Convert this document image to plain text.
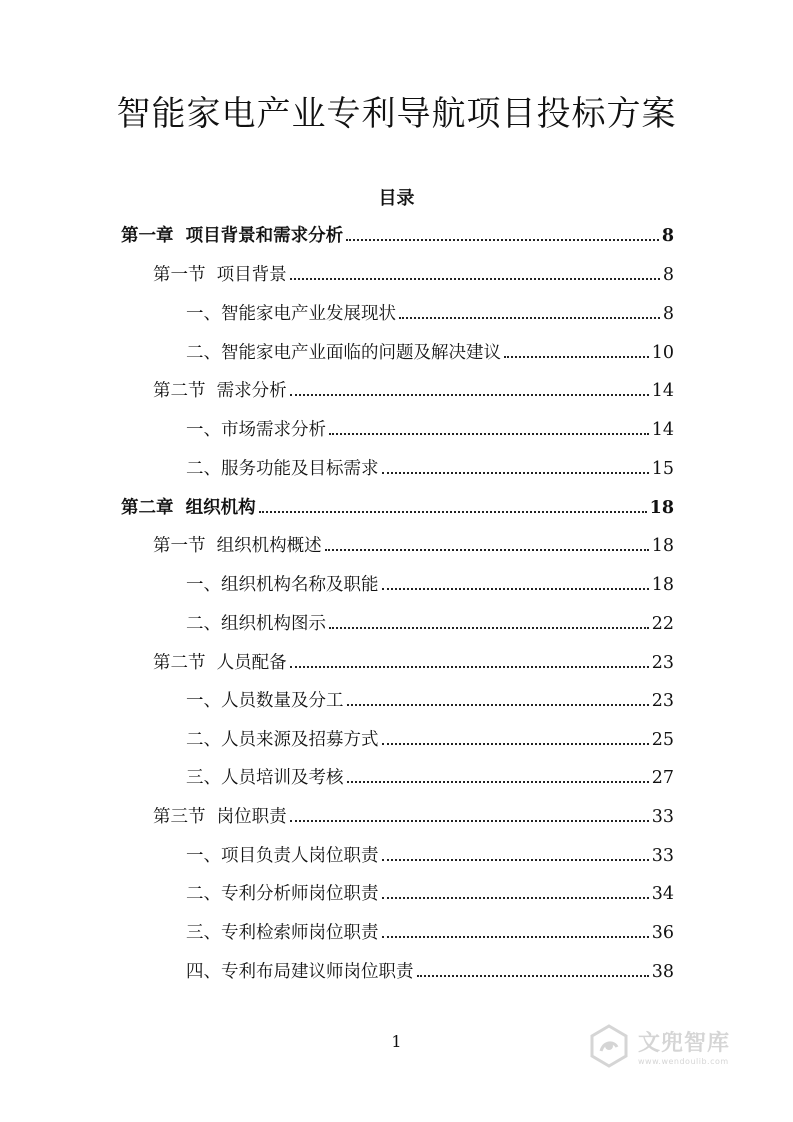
智能家电产业专利导航项目投标方案
目录
第一章  项目背景和需求分析	8
第一节  项目背景	8
一、智能家电产业发展现状	8
二、智能家电产业面临的问题及解决建议	10
第二节  需求分析	14
一、市场需求分析	14
二、服务功能及目标需求	15
第二章  组织机构	18
第一节  组织机构概述	18
一、组织机构名称及职能	18
二、组织机构图示	22
第二节  人员配备	23
一、人员数量及分工	23
二、人员来源及招募方式	25
三、人员培训及考核	27
第三节  岗位职责	33
一、项目负责人岗位职责	33
二、专利分析师岗位职责	34
三、专利检索师岗位职责	36
四、专利布局建议师岗位职责	38
1	文兜智库
www.wendoulib.com
